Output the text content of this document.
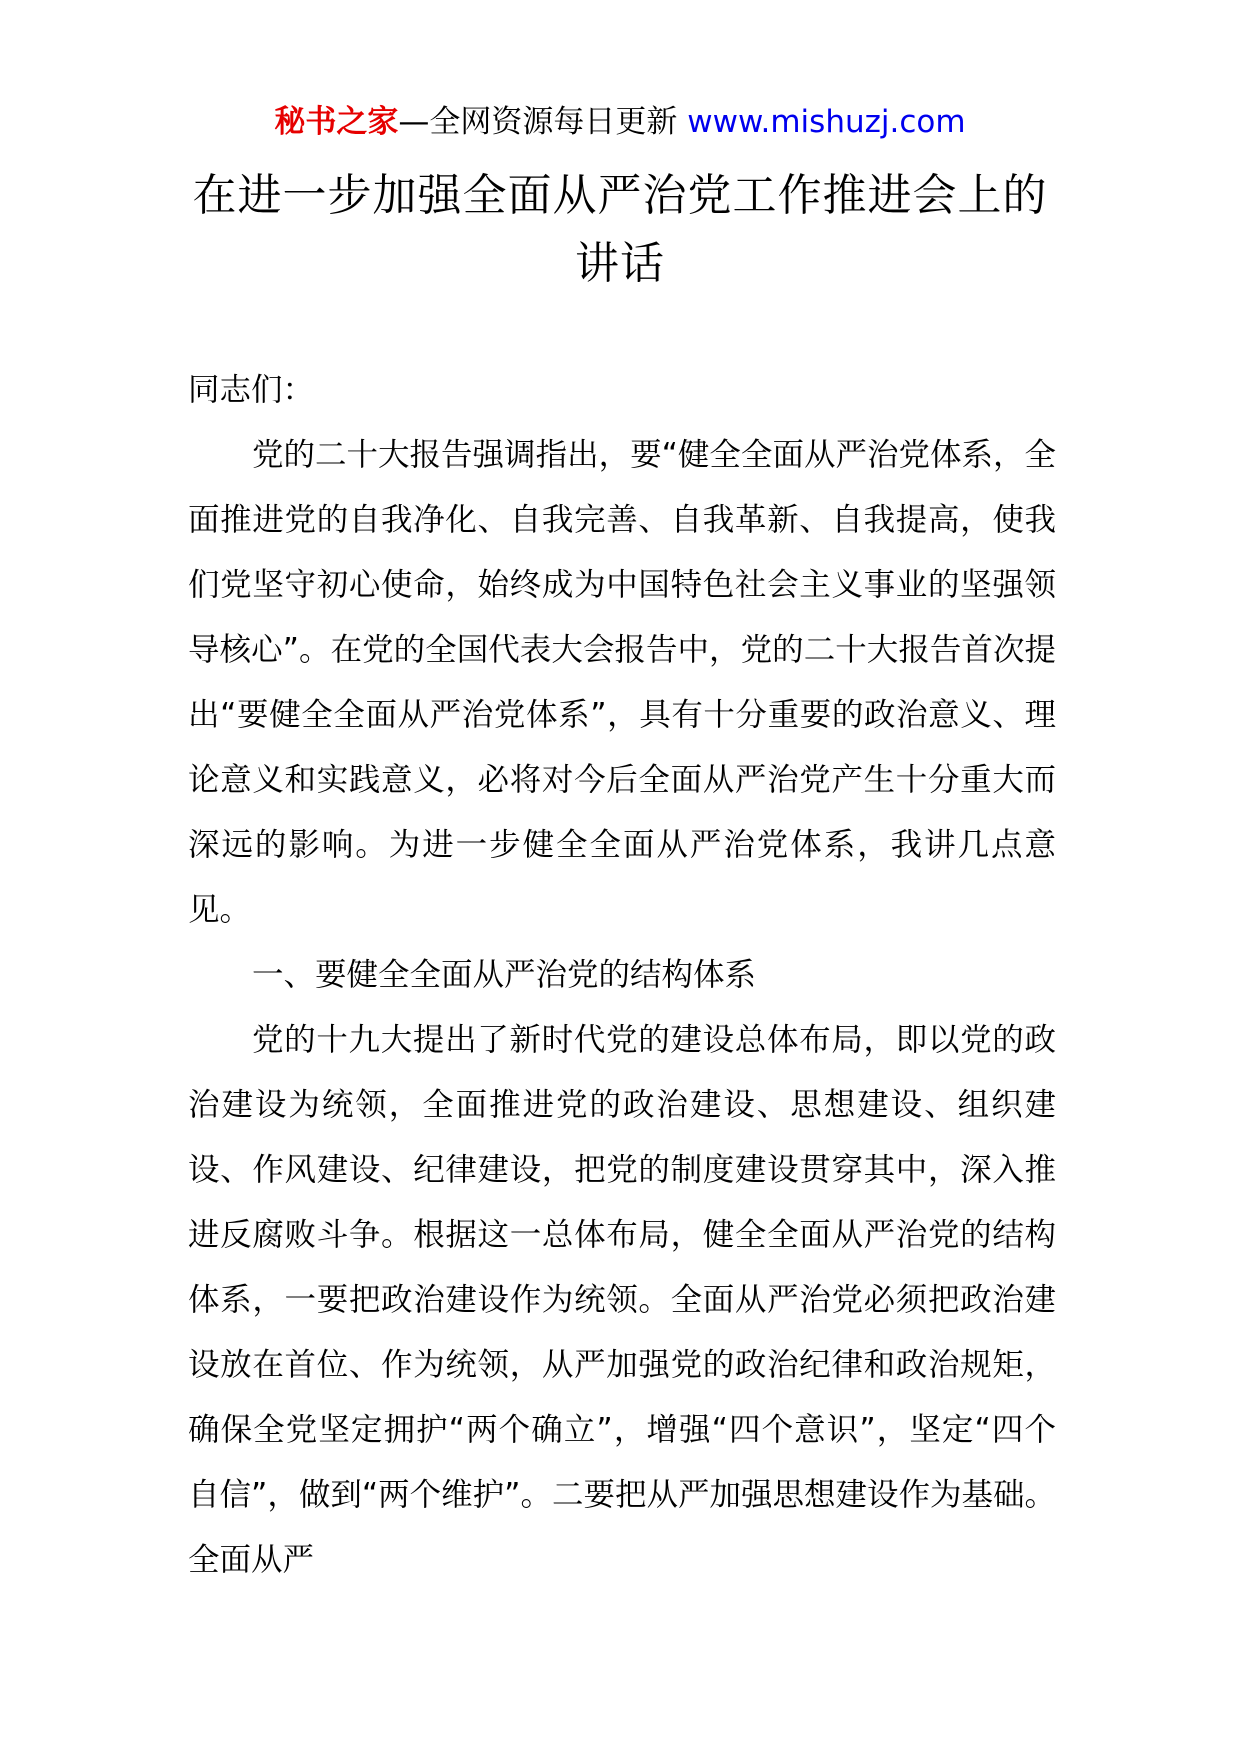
秘书之家—全网资源每日更新 www.mishuzj.com
在进一步加强全面从严治党工作推进会上的讲话

同志们：

党的二十大报告强调指出，要“健全全面从严治党体系，全面推进党的自我净化、自我完善、自我革新、自我提高，使我们党坚守初心使命，始终成为中国特色社会主义事业的坚强领导核心”。在党的全国代表大会报告中，党的二十大报告首次提出“要健全全面从严治党体系”，具有十分重要的政治意义、理论意义和实践意义，必将对今后全面从严治党产生十分重大而深远的影响。为进一步健全全面从严治党体系，我讲几点意见。

一、要健全全面从严治党的结构体系

党的十九大提出了新时代党的建设总体布局，即以党的政治建设为统领，全面推进党的政治建设、思想建设、组织建设、作风建设、纪律建设，把党的制度建设贯穿其中，深入推进反腐败斗争。根据这一总体布局，健全全面从严治党的结构体系，一要把政治建设作为统领。全面从严治党必须把政治建设放在首位、作为统领，从严加强党的政治纪律和政治规矩，确保全党坚定拥护“两个确立”，增强“四个意识”，坚定“四个自信”，做到“两个维护”。二要把从严加强思想建设作为基础。全面从严
